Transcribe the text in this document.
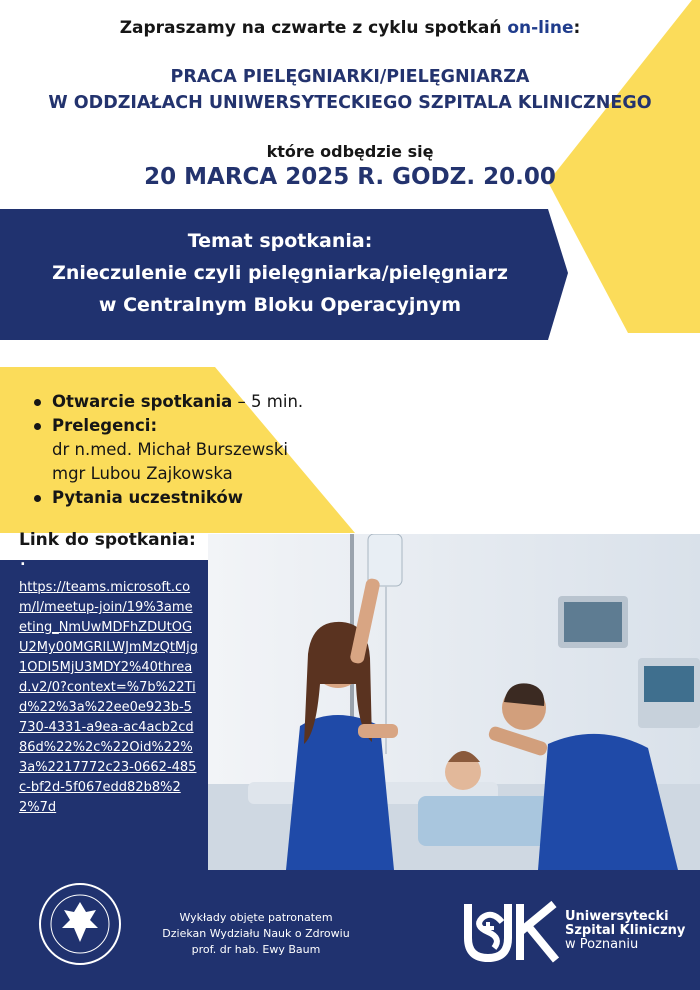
Zapraszamy na czwarte z cyklu spotkań on-line:
PRACA PIELĘGNIARKI/PIELĘGNIARZA
W ODDZIAŁACH UNIWERSYTECKIEGO SZPITALA KLINICZNEGO
które odbędzie się
20 MARCA 2025 R. GODZ. 20.00
Temat spotkania:
Znieczulenie czyli pielęgniarka/pielęgniarz
w Centralnym Bloku Operacyjnym
Otwarcie spotkania – 5 min.
Prelegenci:
dr n.med. Michał Burszewski
mgr Lubou Zajkowska
Pytania uczestników
Link do spotkania:
:
https://teams.microsoft.com/l/meetup-join/19%3ameeting_NmUwMDFhZDUtOGU2My00MGRlLWJmMzQtMjg1ODI5MjU3MDY2%40thread.v2/0?context=%7b%22Tid%22%3a%22ee0e923b-5730-4331-a9ea-ac4acb2cd86d%22%2c%22Oid%22%3a%2217772c23-0662-485c-bf2d-5f067edd82b8%22%7d
Wykłady objęte patronatem
Dziekan Wydziału Nauk o Zdrowiu
prof. dr hab. Ewy Baum
Uniwersytecki
Szpital Kliniczny
w Poznaniu
